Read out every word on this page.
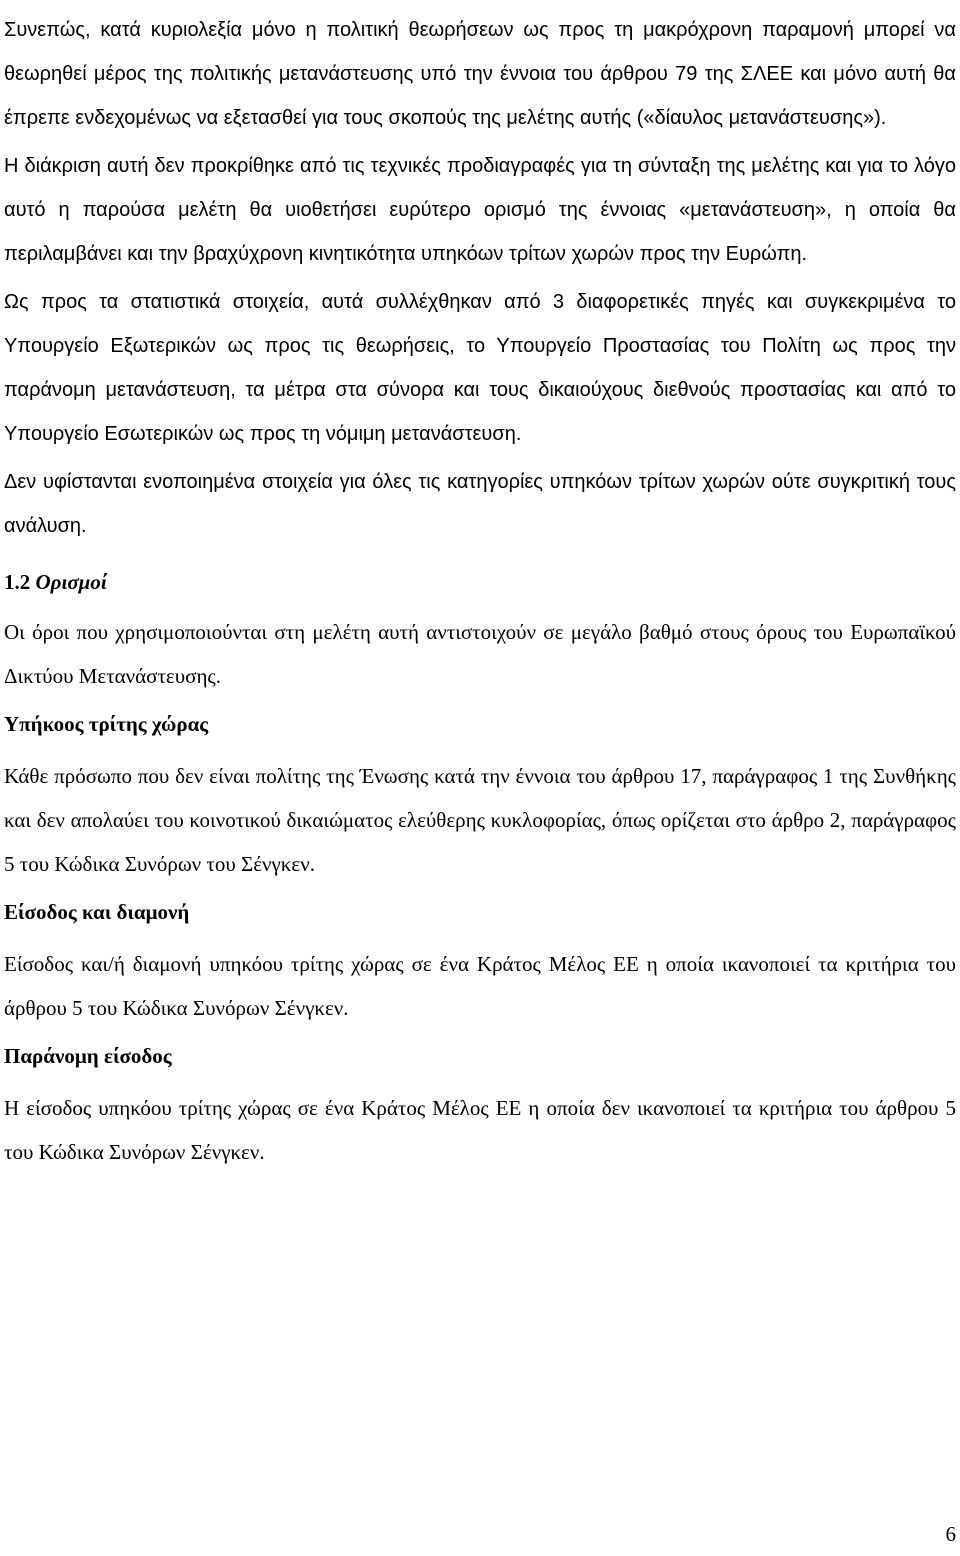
Συνεπώς, κατά κυριολεξία μόνο η πολιτική θεωρήσεων ως προς τη μακρόχρονη παραμονή μπορεί να θεωρηθεί μέρος της πολιτικής μετανάστευσης υπό την έννοια του άρθρου 79 της ΣΛΕΕ και μόνο αυτή θα έπρεπε ενδεχομένως να εξετασθεί για τους σκοπούς της μελέτης αυτής («δίαυλος μετανάστευσης»).

Η διάκριση αυτή δεν προκρίθηκε από τις τεχνικές προδιαγραφές για τη σύνταξη της μελέτης και για το λόγο αυτό η παρούσα μελέτη θα υιοθετήσει ευρύτερο ορισμό της έννοιας «μετανάστευση», η οποία θα περιλαμβάνει και την βραχύχρονη κινητικότητα υπηκόων τρίτων χωρών προς την Ευρώπη.

Ως προς τα στατιστικά στοιχεία, αυτά συλλέχθηκαν από 3 διαφορετικές πηγές και συγκεκριμένα το Υπουργείο Εξωτερικών ως προς τις θεωρήσεις, το Υπουργείο Προστασίας του Πολίτη ως προς την παράνομη μετανάστευση, τα μέτρα στα σύνορα και τους δικαιούχους διεθνούς προστασίας και από το Υπουργείο Εσωτερικών ως προς τη νόμιμη μετανάστευση.

Δεν υφίστανται ενοποιημένα στοιχεία για όλες τις κατηγορίες υπηκόων τρίτων χωρών ούτε συγκριτική τους ανάλυση.

1.2 Ορισμοί

Οι όροι που χρησιμοποιούνται στη μελέτη αυτή αντιστοιχούν σε μεγάλο βαθμό στους όρους του Ευρωπαϊκού Δικτύου Μετανάστευσης.

Υπήκοος τρίτης χώρας

Κάθε πρόσωπο που δεν είναι πολίτης της Ένωσης κατά την έννοια του άρθρου 17, παράγραφος 1 της Συνθήκης και δεν απολαύει του κοινοτικού δικαιώματος ελεύθερης κυκλοφορίας, όπως ορίζεται στο άρθρο 2, παράγραφος 5 του Κώδικα Συνόρων του Σένγκεν.

Είσοδος και διαμονή

Είσοδος και/ή διαμονή υπηκόου τρίτης χώρας σε ένα Κράτος Μέλος ΕΕ η οποία ικανοποιεί τα κριτήρια του άρθρου 5 του Κώδικα Συνόρων Σένγκεν.

Παράνομη είσοδος

Η είσοδος υπηκόου τρίτης χώρας σε ένα Κράτος Μέλος ΕΕ η οποία δεν ικανοποιεί τα κριτήρια του άρθρου 5 του Κώδικα Συνόρων Σένγκεν.

6
